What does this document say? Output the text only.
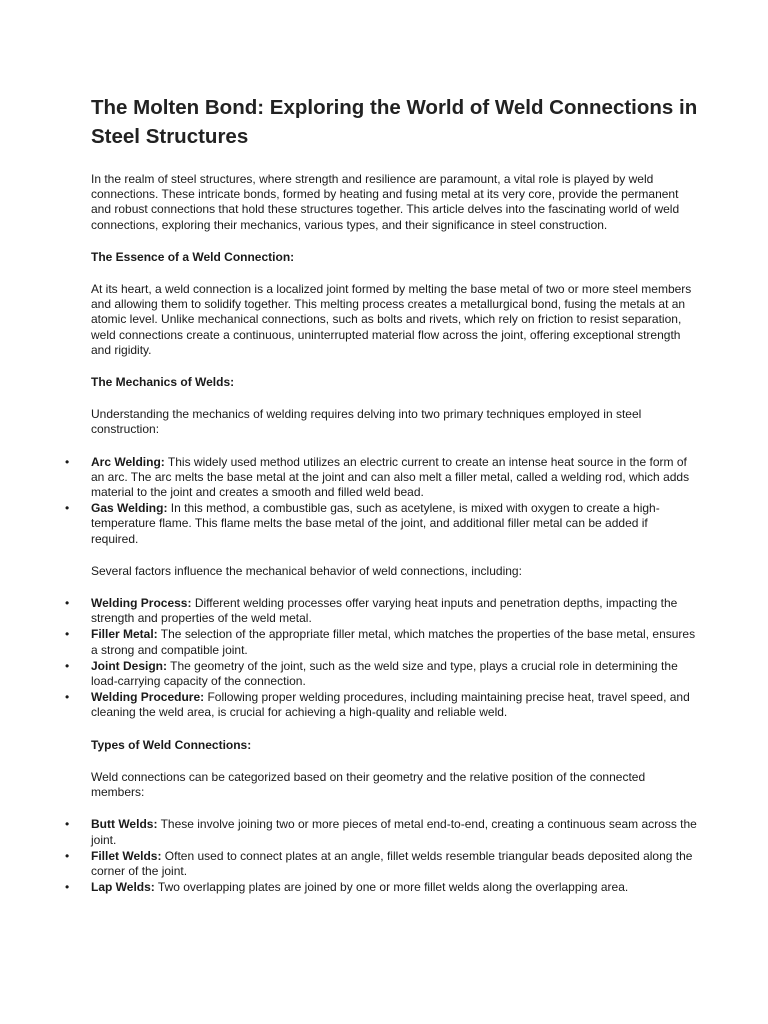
The Molten Bond: Exploring the World of Weld Connections in Steel Structures

In the realm of steel structures, where strength and resilience are paramount, a vital role is played by weld connections. These intricate bonds, formed by heating and fusing metal at its very core, provide the permanent and robust connections that hold these structures together. This article delves into the fascinating world of weld connections, exploring their mechanics, various types, and their significance in steel construction.

The Essence of a Weld Connection:

At its heart, a weld connection is a localized joint formed by melting the base metal of two or more steel members and allowing them to solidify together. This melting process creates a metallurgical bond, fusing the metals at an atomic level. Unlike mechanical connections, such as bolts and rivets, which rely on friction to resist separation, weld connections create a continuous, uninterrupted material flow across the joint, offering exceptional strength and rigidity.

The Mechanics of Welds:

Understanding the mechanics of welding requires delving into two primary techniques employed in steel construction:

• Arc Welding: This widely used method utilizes an electric current to create an intense heat source in the form of an arc. The arc melts the base metal at the joint and can also melt a filler metal, called a welding rod, which adds material to the joint and creates a smooth and filled weld bead.
• Gas Welding: In this method, a combustible gas, such as acetylene, is mixed with oxygen to create a high-temperature flame. This flame melts the base metal of the joint, and additional filler metal can be added if required.

Several factors influence the mechanical behavior of weld connections, including:

• Welding Process: Different welding processes offer varying heat inputs and penetration depths, impacting the strength and properties of the weld metal.
• Filler Metal: The selection of the appropriate filler metal, which matches the properties of the base metal, ensures a strong and compatible joint.
• Joint Design: The geometry of the joint, such as the weld size and type, plays a crucial role in determining the load-carrying capacity of the connection.
• Welding Procedure: Following proper welding procedures, including maintaining precise heat, travel speed, and cleaning the weld area, is crucial for achieving a high-quality and reliable weld.

Types of Weld Connections:

Weld connections can be categorized based on their geometry and the relative position of the connected members:

• Butt Welds: These involve joining two or more pieces of metal end-to-end, creating a continuous seam across the joint.
• Fillet Welds: Often used to connect plates at an angle, fillet welds resemble triangular beads deposited along the corner of the joint.
• Lap Welds: Two overlapping plates are joined by one or more fillet welds along the overlapping area.
